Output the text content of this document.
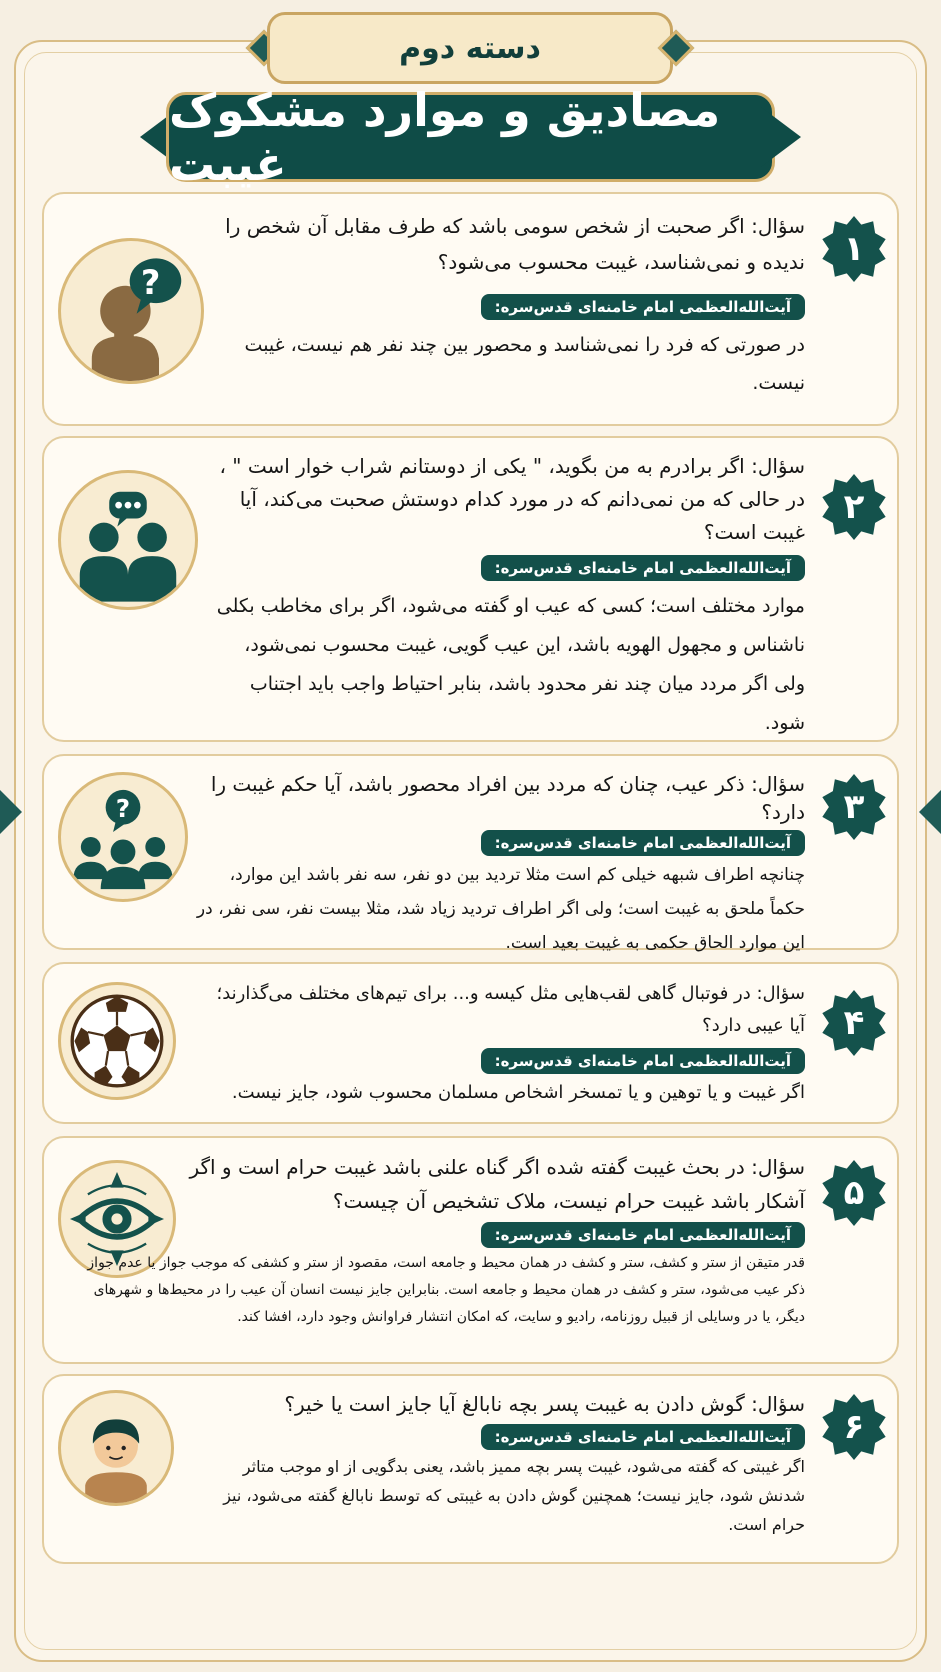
دسته دوم
مصادیق و موارد مشکوک غیبت
۱
?
سؤال: اگر صحبت از شخص سومی باشد که طرف مقابل آن شخص را ندیده و نمی‌شناسد، غیبت محسوب می‌شود؟
آیت‌الله‌العظمی امام خامنه‌ای قدس‌سره:
در صورتی که فرد را نمی‌شناسد و محصور بین چند نفر هم نیست، غیبت نیست.
۲
سؤال: اگر برادرم به من بگوید، " یکی از دوستانم شراب خوار است " ، در حالی که من نمی‌دانم که در مورد کدام دوستش صحبت می‌کند، آیا غیبت است؟
آیت‌الله‌العظمی امام خامنه‌ای قدس‌سره:
موارد مختلف است؛ کسی که عیب او گفته می‌شود، اگر برای مخاطب بکلی ناشناس و مجهول الهویه باشد، این عیب گویی، غیبت محسوب نمی‌شود، ولی اگر مردد میان چند نفر محدود باشد، بنابر احتیاط واجب باید اجتناب شود.
۳
?
سؤال: ذکر عیب، چنان که مردد بین افراد محصور باشد، آیا حکم غیبت را دارد؟
آیت‌الله‌العظمی امام خامنه‌ای قدس‌سره:
چنانچه اطراف شبهه خیلی کم است مثلا تردید بین دو نفر، سه نفر باشد این موارد، حکماً ملحق به غیبت است؛ ولی اگر اطراف تردید زیاد شد، مثلا بیست نفر، سی نفر، در این موارد الحاق حکمی به غیبت بعید است.
۴
سؤال: در فوتبال گاهی لقب‌هایی مثل کیسه و... برای تیم‌های مختلف می‌گذارند؛ آیا عیبی دارد؟
آیت‌الله‌العظمی امام خامنه‌ای قدس‌سره:
اگر غیبت و یا توهین و یا تمسخر اشخاص مسلمان محسوب شود، جایز نیست.
۵
سؤال: در بحث غیبت گفته شده اگر گناه علنی باشد غیبت حرام است و اگر آشکار باشد غیبت حرام نیست، ملاک تشخیص آن چیست؟
آیت‌الله‌العظمی امام خامنه‌ای قدس‌سره:
قدر متیقن از ستر و کشف، ستر و کشف در همان محیط و جامعه است، مقصود از ستر و کشفی که موجب جواز یا عدم جواز ذکر عیب می‌شود، ستر و کشف در همان محیط و جامعه است. بنابراین جایز نیست انسان آن عیب را در محیط‌ها و شهرهای دیگر، یا در وسایلی از قبیل روزنامه، رادیو و سایت، که امکان انتشار فراوانش وجود دارد، افشا کند.
۶
سؤال: گوش دادن به غیبت پسر بچه نابالغ آیا جایز است یا خیر؟
آیت‌الله‌العظمی امام خامنه‌ای قدس‌سره:
اگر غیبتی که گفته می‌شود، غیبت پسر بچه ممیز باشد، یعنی بدگویی از او موجب متاثر شدنش شود، جایز نیست؛ همچنین گوش دادن به غیبتی که توسط نابالغ گفته می‌شود، نیز حرام است.
